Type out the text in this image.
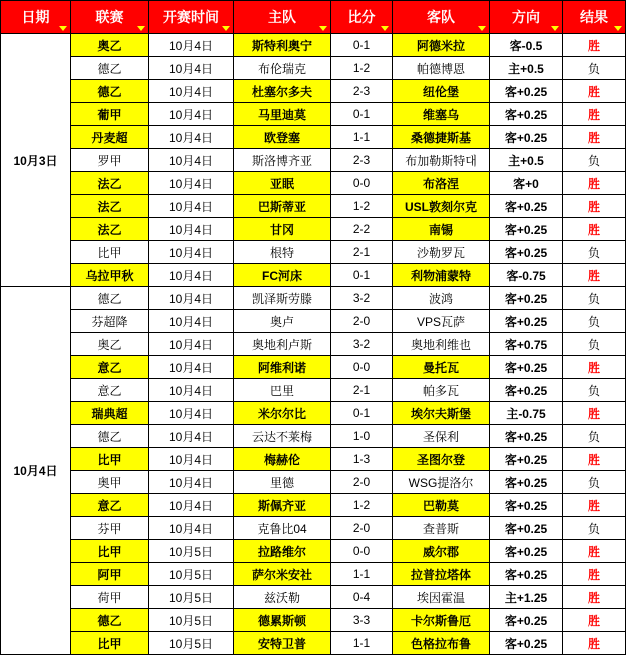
日期	联赛	开赛时间	主队	比分	客队	方向	结果

10月3日	奥乙	10月4日	斯特利奥宁	0-1	阿德米拉	客-0.5	胜
	德乙	10月4日	布伦瑞克	1-2	帕德博恩	主+0.5	负
	德乙	10月4日	杜塞尔多夫	2-3	纽伦堡	客+0.25	胜
	葡甲	10月4日	马里迪莫	0-1	维塞乌	客+0.25	胜
	丹麦超	10月4日	欧登塞	1-1	桑德捷斯基	客+0.25	胜
	罗甲	10月4日	斯洛博齐亚	2-3	布加勒斯特대	主+0.5	负
	法乙	10月4日	亚眠	0-0	布洛涅	客+0	胜
	法乙	10月4日	巴斯蒂亚	1-2	USL敦刻尔克	客+0.25	胜
	法乙	10月4日	甘冈	2-2	南锡	客+0.25	胜
	比甲	10月4日	根特	2-1	沙勒罗瓦	客+0.25	负
	乌拉甲秋	10月4日	FC河床	0-1	利物浦蒙特	客-0.75	胜
10月4日	德乙	10月4日	凯泽斯劳滕	3-2	波鸿	客+0.25	负
	芬超降	10月4日	奥卢	2-0	VPS瓦萨	客+0.25	负
	奥乙	10月4日	奥地利卢斯	3-2	奥地利维也	客+0.75	负
	意乙	10月4日	阿维利诺	0-0	曼托瓦	客+0.25	胜
	意乙	10月4日	巴里	2-1	帕多瓦	客+0.25	负
	瑞典超	10月4日	米尔尔比	0-1	埃尔夫斯堡	主-0.75	胜
	德乙	10月4日	云达不莱梅	1-0	圣保利	客+0.25	负
	比甲	10月4日	梅赫伦	1-3	圣图尔登	客+0.25	胜
	奥甲	10月4日	里德	2-0	WSG提洛尔	客+0.25	负
	意乙	10月4日	斯佩齐亚	1-2	巴勒莫	客+0.25	胜
	芬甲	10月4日	克鲁比04	2-0	查普斯	客+0.25	负
	比甲	10月5日	拉路维尔	0-0	威尔郡	客+0.25	胜
	阿甲	10月5日	萨尔米安社	1-1	拉普拉塔体	客+0.25	胜
	荷甲	10月5日	兹沃勒	0-4	埃因霍温	主+1.25	胜
	德乙	10月5日	德累斯顿	3-3	卡尔斯鲁厄	客+0.25	胜
	比甲	10月5日	安特卫普	1-1	色格拉布鲁	客+0.25	胜
